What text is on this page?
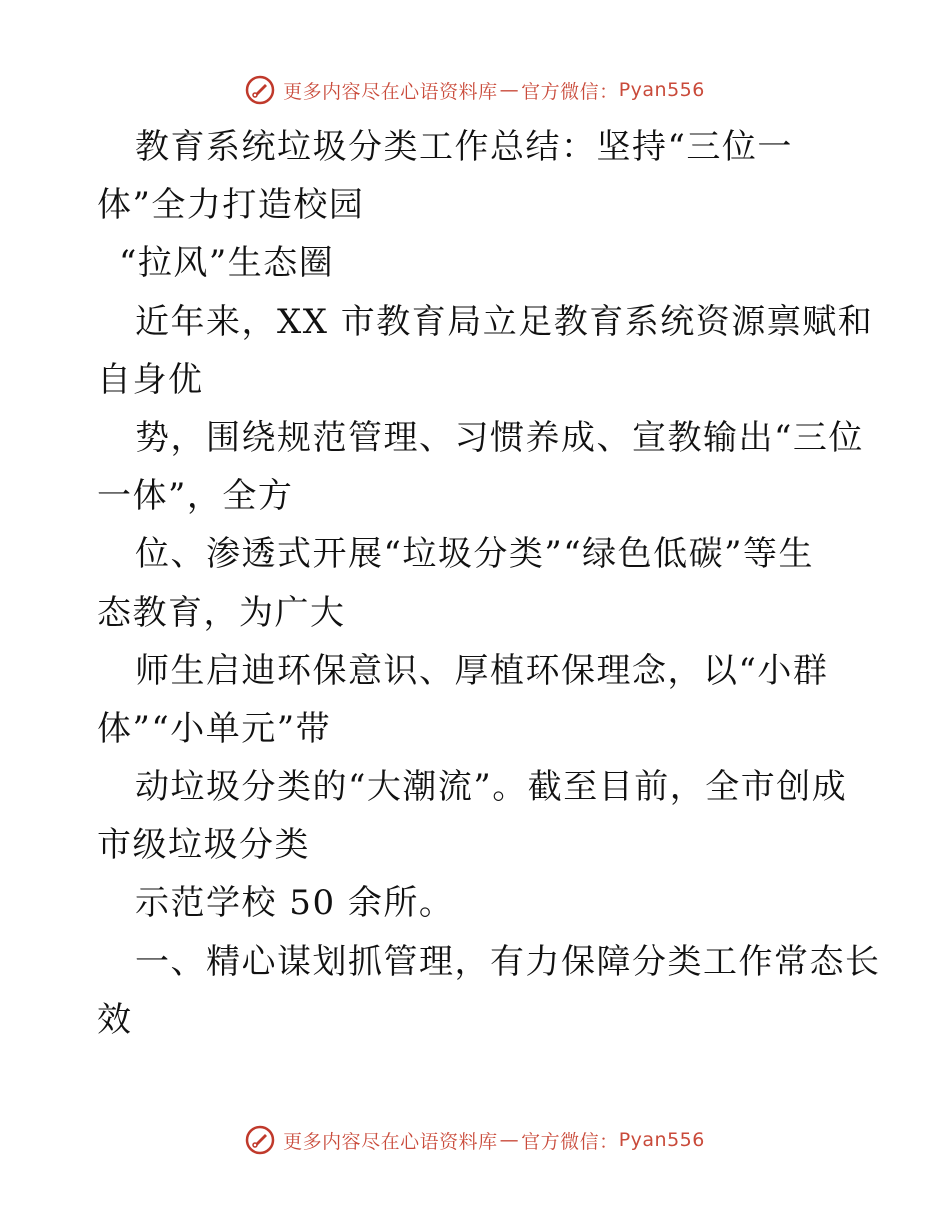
更多内容尽在心语资料库 — 官方微信： Pyan556
教育系统垃圾分类工作总结：坚持“三位一
体”全力打造校园
“拉风”生态圈
近年来，XX 市教育局立足教育系统资源禀赋和
自身优
势，围绕规范管理、习惯养成、宣教输出“三位
一体”，全方
位、渗透式开展“垃圾分类”“绿色低碳”等生
态教育，为广大
师生启迪环保意识、厚植环保理念，以“小群
体”“小单元”带
动垃圾分类的“大潮流”。截至目前，全市创成
市级垃圾分类
示范学校 50 余所。
一、精心谋划抓管理，有力保障分类工作常态长
效
更多内容尽在心语资料库 — 官方微信： Pyan556
